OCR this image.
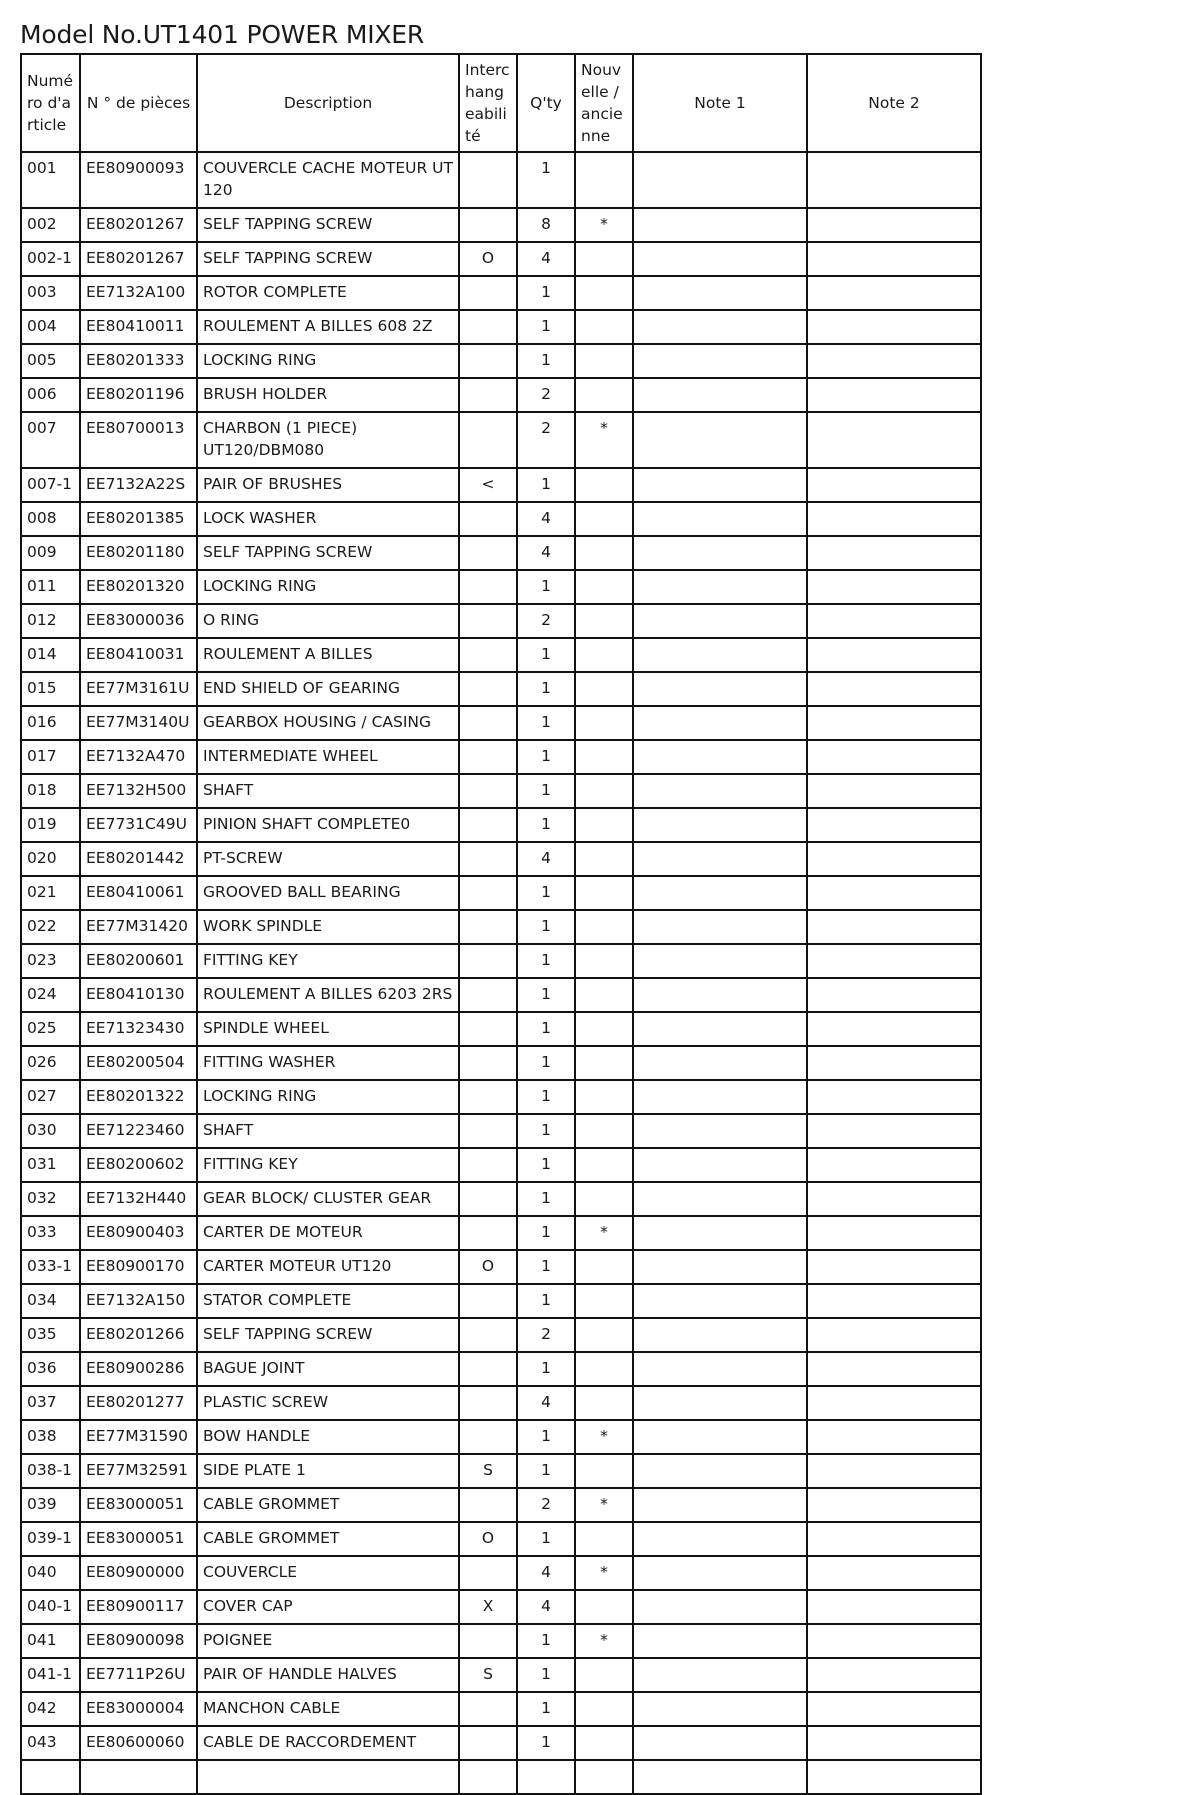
Model No.UT1401 POWER MIXER
Numéro d'article	N ° de pièces	Description	Interchangeabilité	Q'ty	Nouvelle / ancienne	Note 1	Note 2
001	EE80900093	COUVERCLE CACHE MOTEUR UT 120		1			
002	EE80201267	SELF TAPPING SCREW		8	*		
002-1	EE80201267	SELF TAPPING SCREW	O	4			
003	EE7132A100	ROTOR COMPLETE		1			
004	EE80410011	ROULEMENT A BILLES 608 2Z		1			
005	EE80201333	LOCKING RING		1			
006	EE80201196	BRUSH HOLDER		2			
007	EE80700013	CHARBON (1 PIECE) UT120/DBM080		2	*		
007-1	EE7132A22S	PAIR OF BRUSHES	<	1			
008	EE80201385	LOCK WASHER		4			
009	EE80201180	SELF TAPPING SCREW		4			
011	EE80201320	LOCKING RING		1			
012	EE83000036	O RING		2			
014	EE80410031	ROULEMENT A BILLES		1			
015	EE77M3161U	END SHIELD OF GEARING		1			
016	EE77M3140U	GEARBOX HOUSING / CASING		1			
017	EE7132A470	INTERMEDIATE WHEEL		1			
018	EE7132H500	SHAFT		1			
019	EE7731C49U	PINION SHAFT COMPLETE0		1			
020	EE80201442	PT-SCREW		4			
021	EE80410061	GROOVED BALL BEARING		1			
022	EE77M31420	WORK SPINDLE		1			
023	EE80200601	FITTING KEY		1			
024	EE80410130	ROULEMENT A BILLES 6203 2RS		1			
025	EE71323430	SPINDLE WHEEL		1			
026	EE80200504	FITTING WASHER		1			
027	EE80201322	LOCKING RING		1			
030	EE71223460	SHAFT		1			
031	EE80200602	FITTING KEY		1			
032	EE7132H440	GEAR BLOCK/ CLUSTER GEAR		1			
033	EE80900403	CARTER DE MOTEUR		1	*		
033-1	EE80900170	CARTER MOTEUR UT120	O	1			
034	EE7132A150	STATOR COMPLETE		1			
035	EE80201266	SELF TAPPING SCREW		2			
036	EE80900286	BAGUE JOINT		1			
037	EE80201277	PLASTIC SCREW		4			
038	EE77M31590	BOW HANDLE		1	*		
038-1	EE77M32591	SIDE PLATE 1	S	1			
039	EE83000051	CABLE GROMMET		2	*		
039-1	EE83000051	CABLE GROMMET	O	1			
040	EE80900000	COUVERCLE		4	*		
040-1	EE80900117	COVER CAP	X	4			
041	EE80900098	POIGNEE		1	*		
041-1	EE7711P26U	PAIR OF HANDLE HALVES	S	1			
042	EE83000004	MANCHON CABLE		1			
043	EE80600060	CABLE DE RACCORDEMENT		1			
